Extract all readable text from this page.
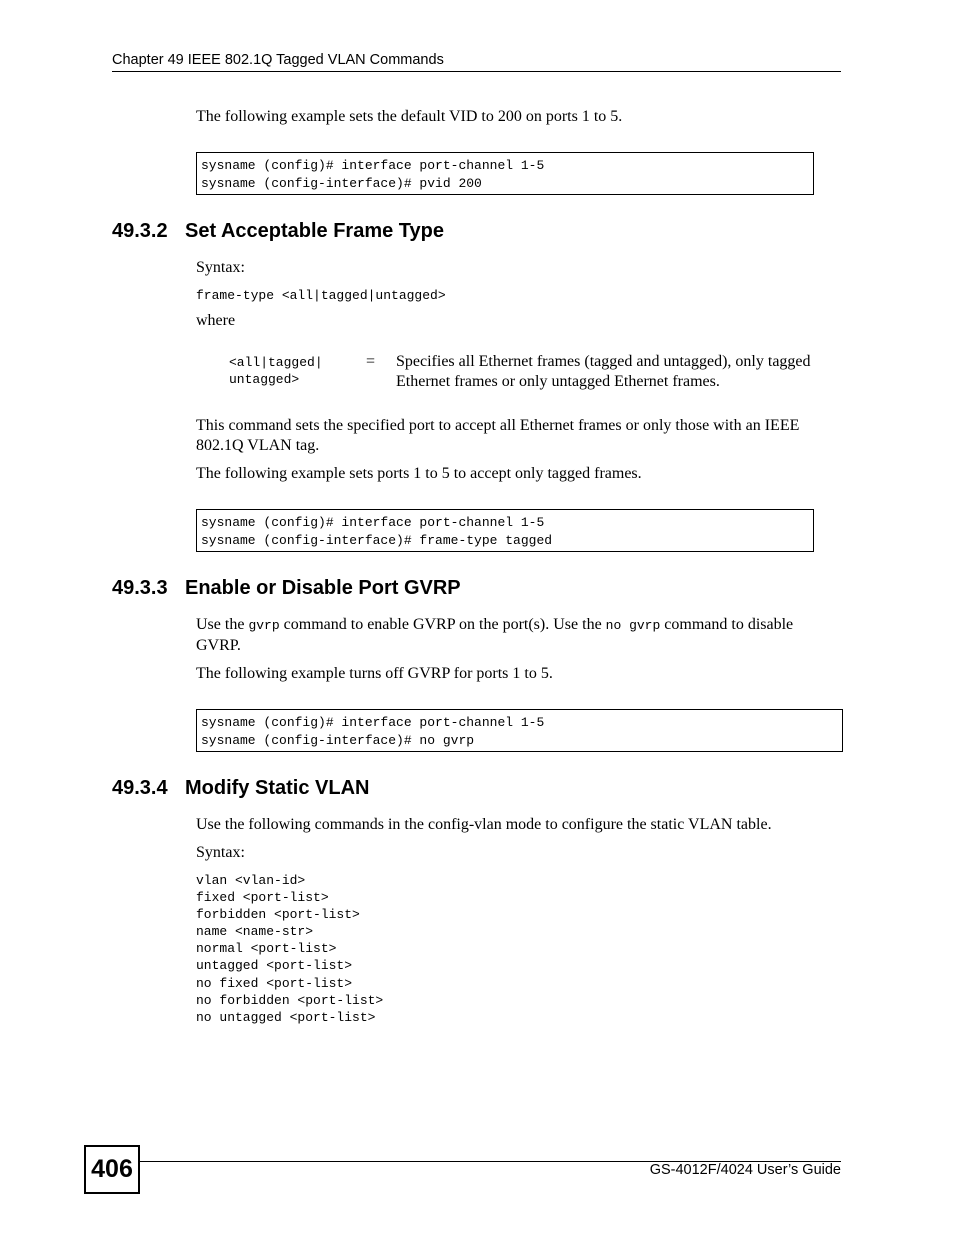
Chapter 49 IEEE 802.1Q Tagged VLAN Commands
The following example sets the default VID to 200 on ports 1 to 5.
sysname (config)# interface port-channel 1-5
sysname (config-interface)# pvid 200
49.3.2 Set Acceptable Frame Type
Syntax:
frame-type <all|tagged|untagged>
where
<all|tagged|
untagged>
=	Specifies all Ethernet frames (tagged and untagged), only tagged Ethernet frames or only untagged Ethernet frames.
This command sets the specified port to accept all Ethernet frames or only those with an IEEE 802.1Q VLAN tag.
The following example sets ports 1 to 5 to accept only tagged frames.
sysname (config)# interface port-channel 1-5
sysname (config-interface)# frame-type tagged
49.3.3 Enable or Disable Port GVRP
Use the gvrp command to enable GVRP on the port(s). Use the no gvrp command to disable GVRP.
The following example turns off GVRP for ports 1 to 5.
sysname (config)# interface port-channel 1-5
sysname (config-interface)# no gvrp
49.3.4 Modify Static VLAN
Use the following commands in the config-vlan mode to configure the static VLAN table.
Syntax:
vlan <vlan-id>
fixed <port-list>
forbidden <port-list>
name <name-str>
normal <port-list>
untagged <port-list>
no fixed <port-list>
no forbidden <port-list>
no untagged <port-list>
406	GS-4012F/4024 User’s Guide
